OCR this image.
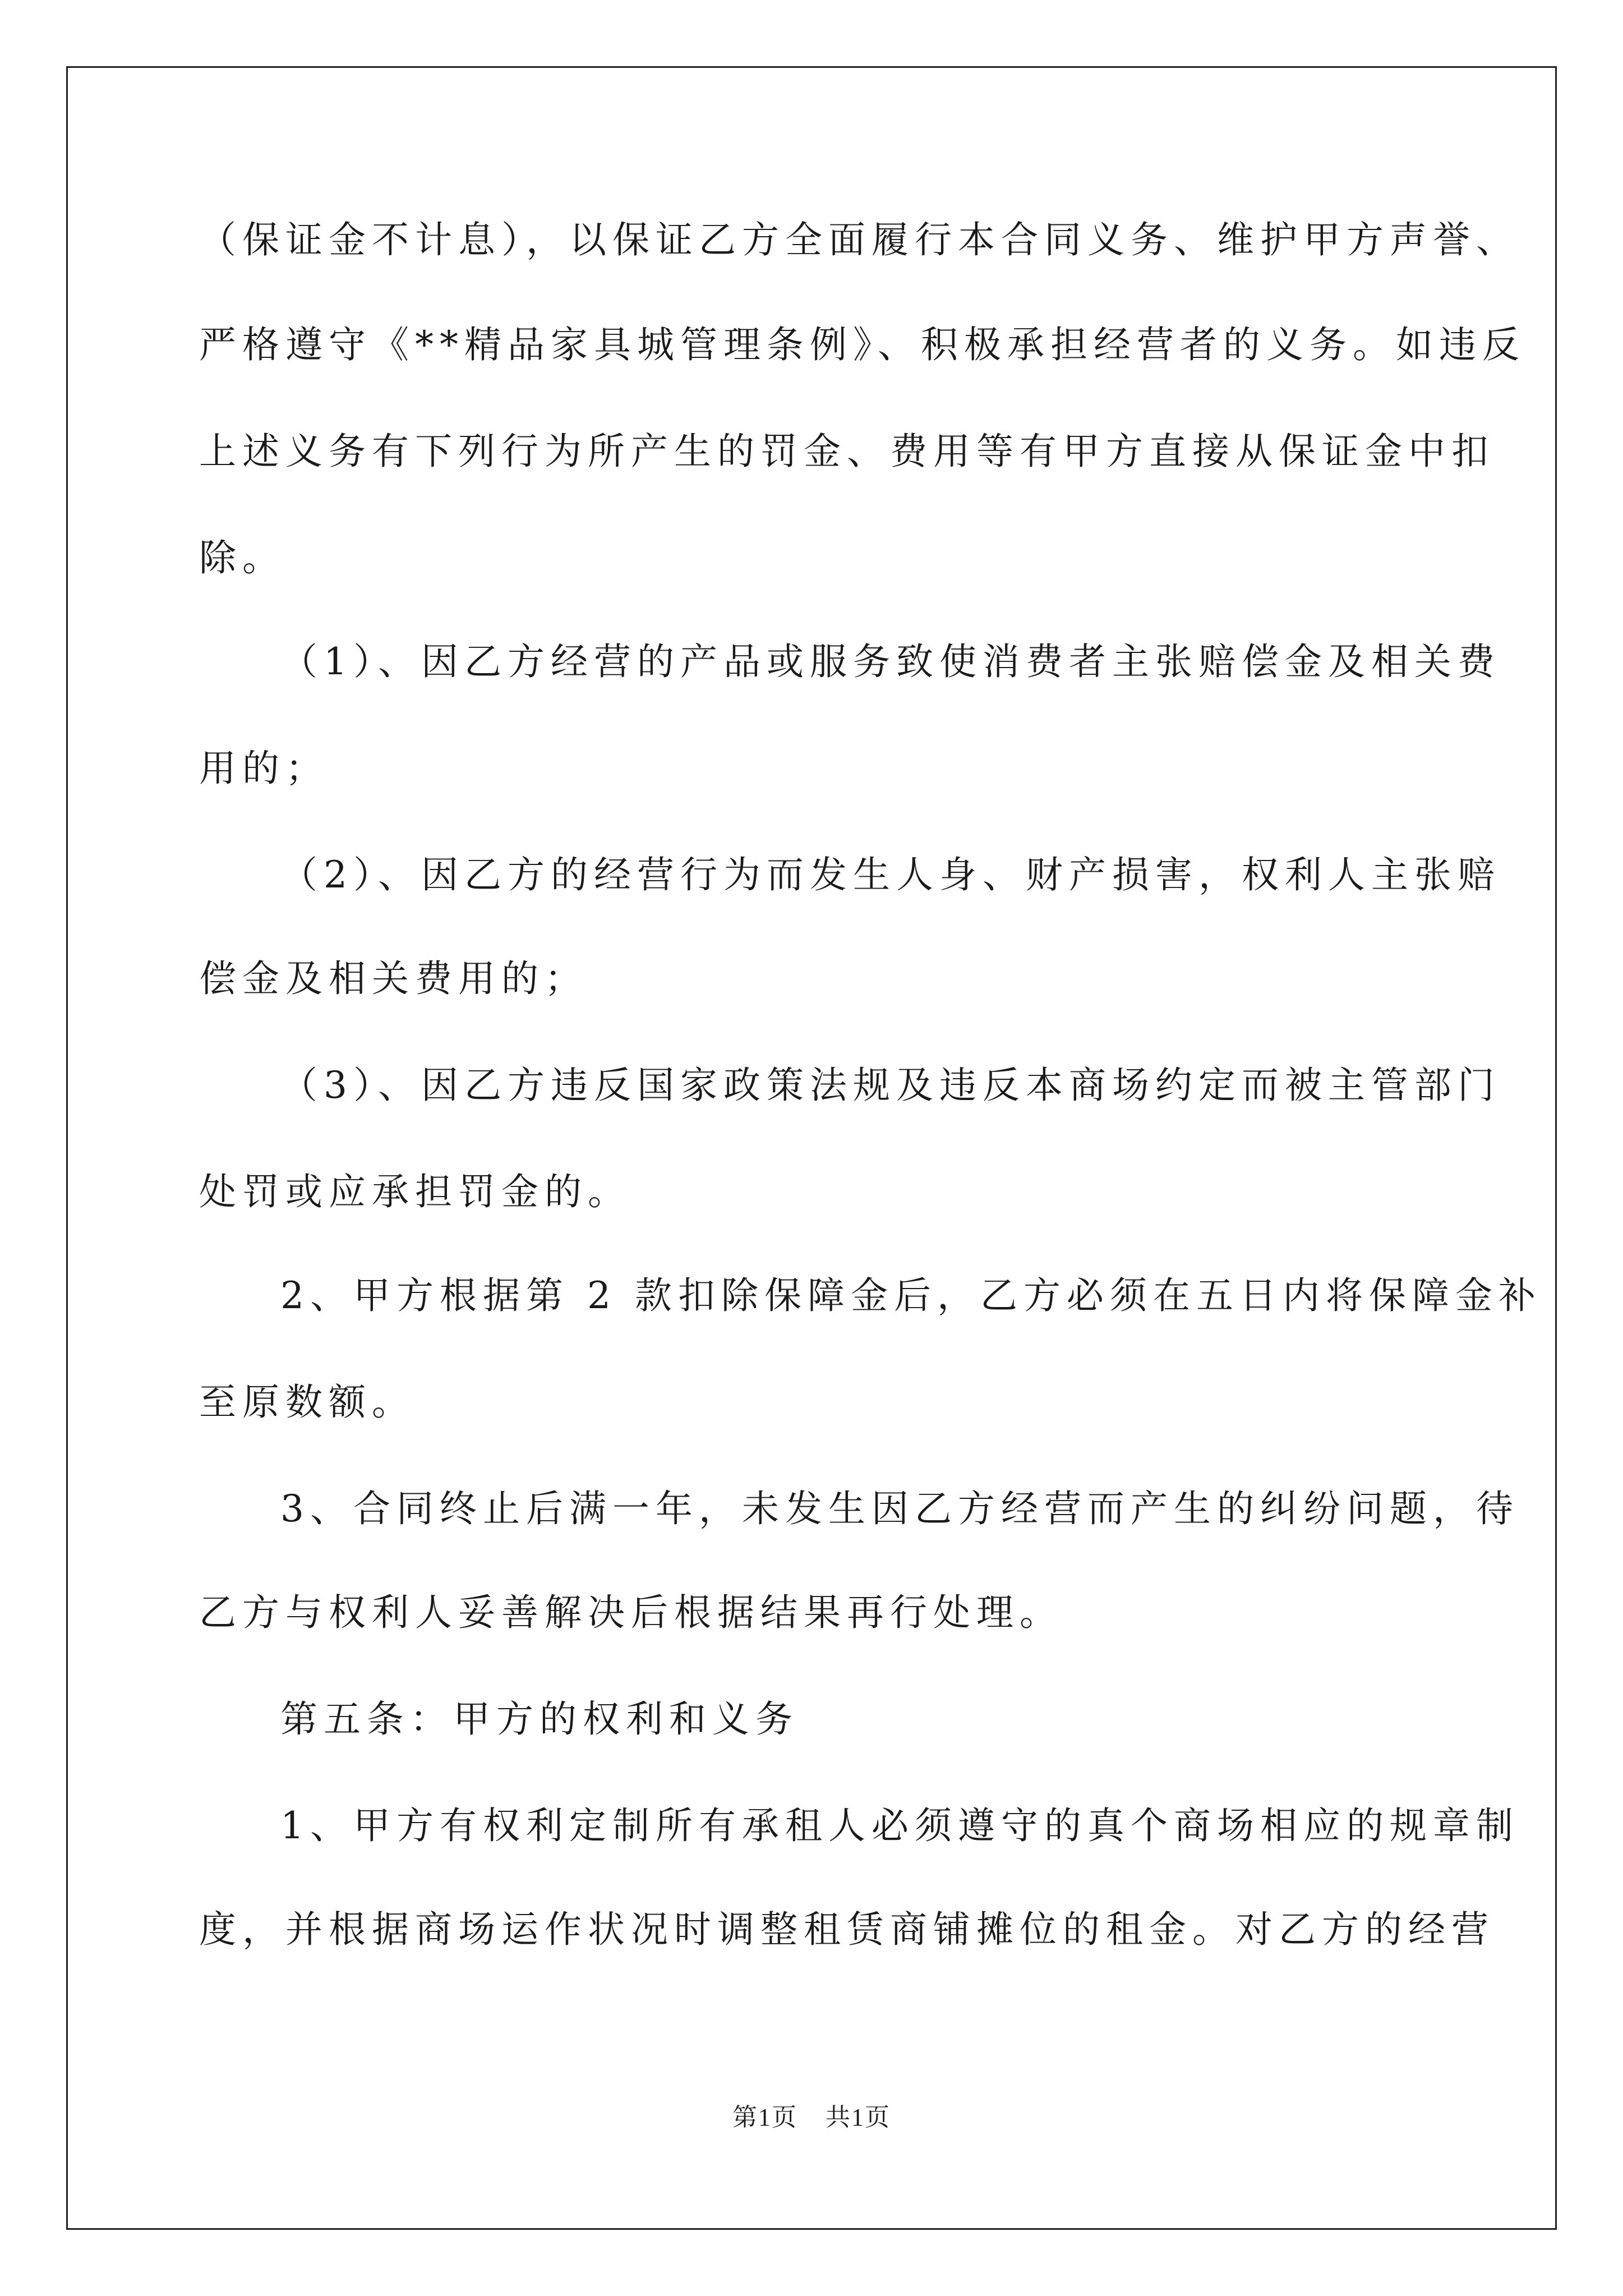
（保证金不计息），以保证乙方全面履行本合同义务、维护甲方声誉、
严格遵守《**精品家具城管理条例》、积极承担经营者的义务。如违反
上述义务有下列行为所产生的罚金、费用等有甲方直接从保证金中扣
除。
（1）、因乙方经营的产品或服务致使消费者主张赔偿金及相关费
用的；
（2）、因乙方的经营行为而发生人身、财产损害，权利人主张赔
偿金及相关费用的；
（3）、因乙方违反国家政策法规及违反本商场约定而被主管部门
处罚或应承担罚金的。
2、甲方根据第 2 款扣除保障金后，乙方必须在五日内将保障金补
至原数额。
3、合同终止后满一年，未发生因乙方经营而产生的纠纷问题，待
乙方与权利人妥善解决后根据结果再行处理。
第五条：甲方的权利和义务
1、甲方有权利定制所有承租人必须遵守的真个商场相应的规章制
度，并根据商场运作状况时调整租赁商铺摊位的租金。对乙方的经营
第1页 共1页
